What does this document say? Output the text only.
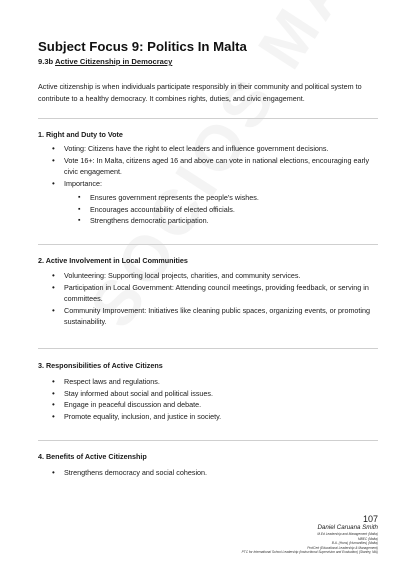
Subject Focus 9: Politics In Malta
9.3b Active Citizenship in Democracy

Active citizenship is when individuals participate responsibly in their community and political system to contribute to a healthy democracy. It combines rights, duties, and civic engagement.

1. Right and Duty to Vote
• Voting: Citizens have the right to elect leaders and influence government decisions.
• Vote 16+: In Malta, citizens aged 16 and above can vote in national elections, encouraging early civic engagement.
• Importance:
▪ Ensures government represents the people’s wishes.
▪ Encourages accountability of elected officials.
▪ Strengthens democratic participation.
2. Active Involvement in Local Communities
• Volunteering: Supporting local projects, charities, and community services.
• Participation in Local Government: Attending council meetings, providing feedback, or serving in committees.
• Community Improvement: Initiatives like cleaning public spaces, organizing events, or promoting sustainability.
3. Responsibilities of Active Citizens
• Respect laws and regulations.
• Stay informed about social and political issues.
• Engage in peaceful discussion and debate.
• Promote equality, inclusion, and justice in society.
4. Benefits of Active Citizenship
• Strengthens democracy and social cohesion.
107
Daniel Caruana Smith
M.Ed Leadership and Management (Malta)
MBEC (Malta)
B.A. (Hons) (Humanities) (Malta)
ProfCert (Educational Leadership & Management)
PTC for International School Leadership (Instructional Supervision and Evaluation) (Stanley, MA)
